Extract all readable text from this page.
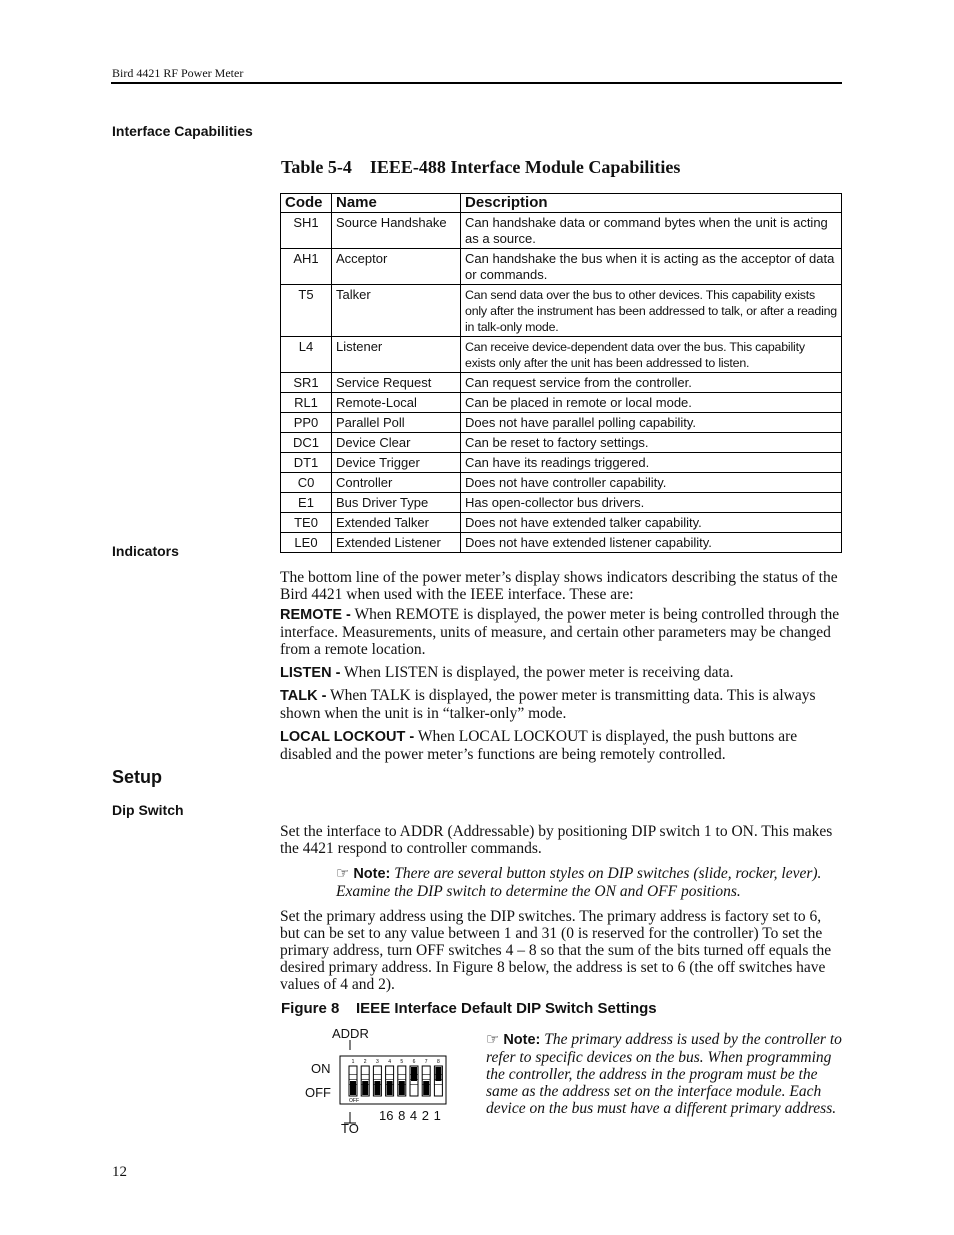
Bird 4421 RF Power Meter
Interface Capabilities
Table 5-4    IEEE-488 Interface Module Capabilities
Code	Name	Description
SH1	Source Handshake	Can handshake data or command bytes when the unit is acting as a source.
AH1	Acceptor	Can handshake the bus when it is acting as the acceptor of data or commands.
T5	Talker	Can send data over the bus to other devices. This capability exists only after the instrument has been addressed to talk, or after a reading in talk-only mode.
L4	Listener	Can receive device-dependent data over the bus. This capability exists only after the unit has been addressed to listen.
SR1	Service Request	Can request service from the controller.
RL1	Remote-Local	Can be placed in remote or local mode.
PP0	Parallel Poll	Does not have parallel polling capability.
DC1	Device Clear	Can be reset to factory settings.
DT1	Device Trigger	Can have its readings triggered.
C0	Controller	Does not have controller capability.
E1	Bus Driver Type	Has open-collector bus drivers.
TE0	Extended Talker	Does not have extended talker capability.
LE0	Extended Listener	Does not have extended listener capability.
Indicators
The bottom line of the power meter’s display shows indicators describing the status of the Bird 4421 when used with the IEEE interface. These are:
REMOTE - When REMOTE is displayed, the power meter is being controlled through the interface. Measurements, units of measure, and certain other parameters may be changed from a remote location.
LISTEN - When LISTEN is displayed, the power meter is receiving data.
TALK - When TALK is displayed, the power meter is transmitting data. This is always shown when the unit is in “talker-only” mode.
LOCAL LOCKOUT - When LOCAL LOCKOUT is displayed, the push buttons are disabled and the power meter’s functions are being remotely controlled.
Setup
Dip Switch
Set the interface to ADDR (Addressable) by positioning DIP switch 1 to ON. This makes the 4421 respond to controller commands.
☞ Note: There are several button styles on DIP switches (slide, rocker, lever). Examine the DIP switch to determine the ON and OFF positions.
Set the primary address using the DIP switches. The primary address is factory set to 6, but can be set to any value between 1 and 31 (0 is reserved for the controller) To set the primary address, turn OFF switches 4 – 8 so that the sum of the bits turned off equals the desired primary address. In Figure 8 below, the address is set to 6 (the off switches have values of 4 and 2).
Figure 8    IEEE Interface Default DIP Switch Settings
ADDR
ON
OFF
TO
16 8 4 2 1
1 2 3 4 5 6 7 8
OFF
☞ Note: The primary address is used by the controller to refer to specific devices on the bus. When programming the controller, the address in the program must be the same as the address set on the interface module. Each device on the bus must have a different primary address.
12
